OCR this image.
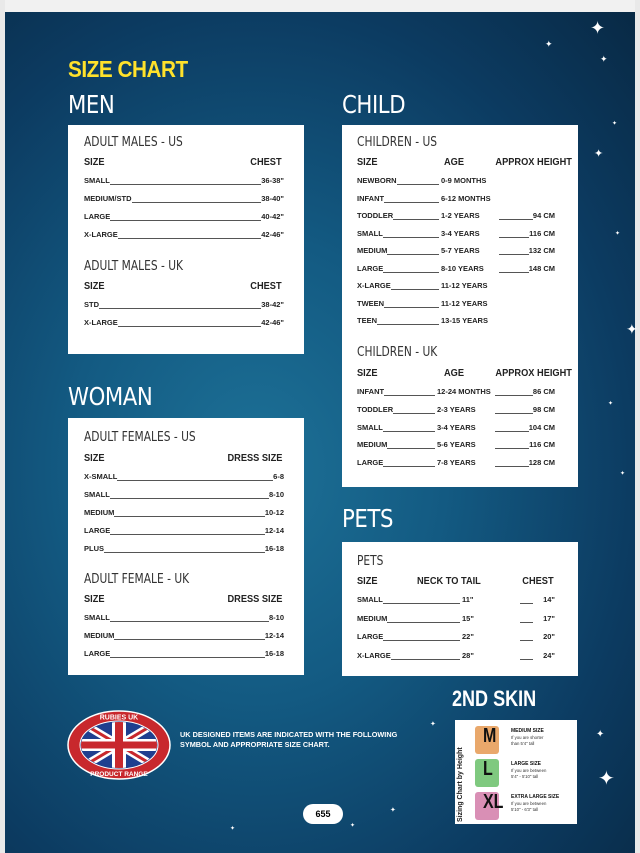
✦
✦
✦
✦
✦
✦
✦
✦
✦
✦
✦
✦
✦
✦
✦
SIZE CHART
MEN
WOMAN
CHILD
PETS
ADULT MALES - US
SIZE	CHEST
SMALL	36-38"
MEDIUM/STD	38-40"
LARGE	40-42"
X-LARGE	42-46"
ADULT MALES - UK
SIZE	CHEST
STD	38-42"
X-LARGE	42-46"
ADULT FEMALES - US
SIZE	DRESS SIZE
X-SMALL	6-8
SMALL	8-10
MEDIUM	10-12
LARGE	12-14
PLUS	16-18
ADULT FEMALE - UK
SIZE	DRESS SIZE
SMALL	8-10
MEDIUM	12-14
LARGE	16-18
CHILDREN - US
SIZE	AGE	APPROX HEIGHT
NEWBORN	0-9 MONTHS
INFANT	6-12 MONTHS
TODDLER	1-2 YEARS	94 CM
SMALL	3-4 YEARS	116 CM
MEDIUM	5-7 YEARS	132 CM
LARGE	8-10 YEARS	148 CM
X-LARGE	11-12 YEARS
TWEEN	11-12 YEARS
TEEN	13-15 YEARS
CHILDREN - UK
SIZE	AGE	APPROX HEIGHT
INFANT	12-24 MONTHS	86 CM
TODDLER	2-3 YEARS	98 CM
SMALL	3-4 YEARS	104 CM
MEDIUM	5-6 YEARS	116 CM
LARGE	7-8 YEARS	128 CM
PETS
SIZE	NECK TO TAIL	CHEST
SMALL	11"	14"
MEDIUM	15"	17"
LARGE	22"	20"
X-LARGE	28"	24"
RUBIES UK
PRODUCT RANGE
UK DESIGNED ITEMS ARE INDICATED WITH THE FOLLOWING SYMBOL AND APPROPRIATE SIZE CHART.
2ND SKIN
Sizing Chart by Height
M	MEDIUM SIZE
If you are shorter
than 5'4" tall
L	LARGE SIZE
If you are between
5'4" - 5'10" tall
XL EXTRA LARGE SIZE
If you are between
5'10" - 6'3" tall
655
